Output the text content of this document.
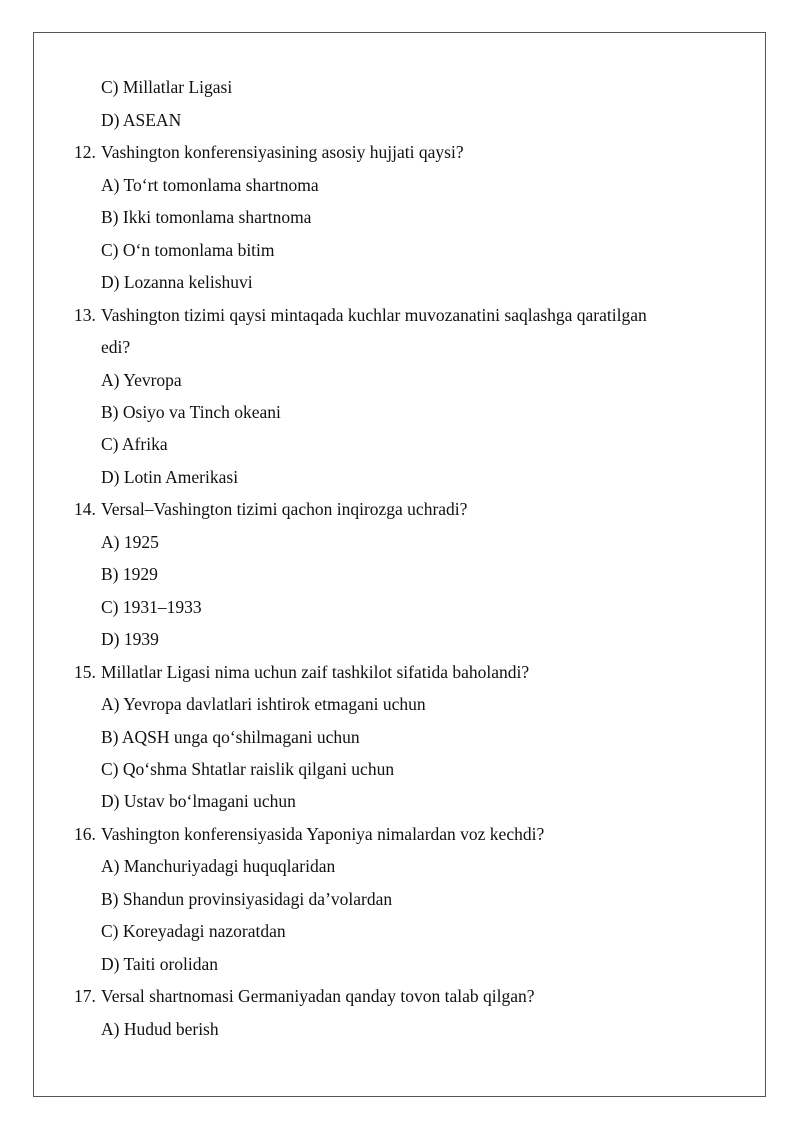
C) Millatlar Ligasi
D) ASEAN
12. Vashington konferensiyasining asosiy hujjati qaysi?
A) To‘rt tomonlama shartnoma
B) Ikki tomonlama shartnoma
C) O‘n tomonlama bitim
D) Lozanna kelishuvi
13. Vashington tizimi qaysi mintaqada kuchlar muvozanatini saqlashga qaratilgan
edi?
A) Yevropa
B) Osiyo va Tinch okeani
C) Afrika
D) Lotin Amerikasi
14. Versal–Vashington tizimi qachon inqirozga uchradi?
A) 1925
B) 1929
C) 1931–1933
D) 1939
15. Millatlar Ligasi nima uchun zaif tashkilot sifatida baholandi?
A) Yevropa davlatlari ishtirok etmagani uchun
B) AQSH unga qo‘shilmagani uchun
C) Qo‘shma Shtatlar raislik qilgani uchun
D) Ustav bo‘lmagani uchun
16. Vashington konferensiyasida Yaponiya nimalardan voz kechdi?
A) Manchuriyadagi huquqlaridan
B) Shandun provinsiyasidagi da’volardan
C) Koreyadagi nazoratdan
D) Taiti orolidan
17. Versal shartnomasi Germaniyadan qanday tovon talab qilgan?
A) Hudud berish
